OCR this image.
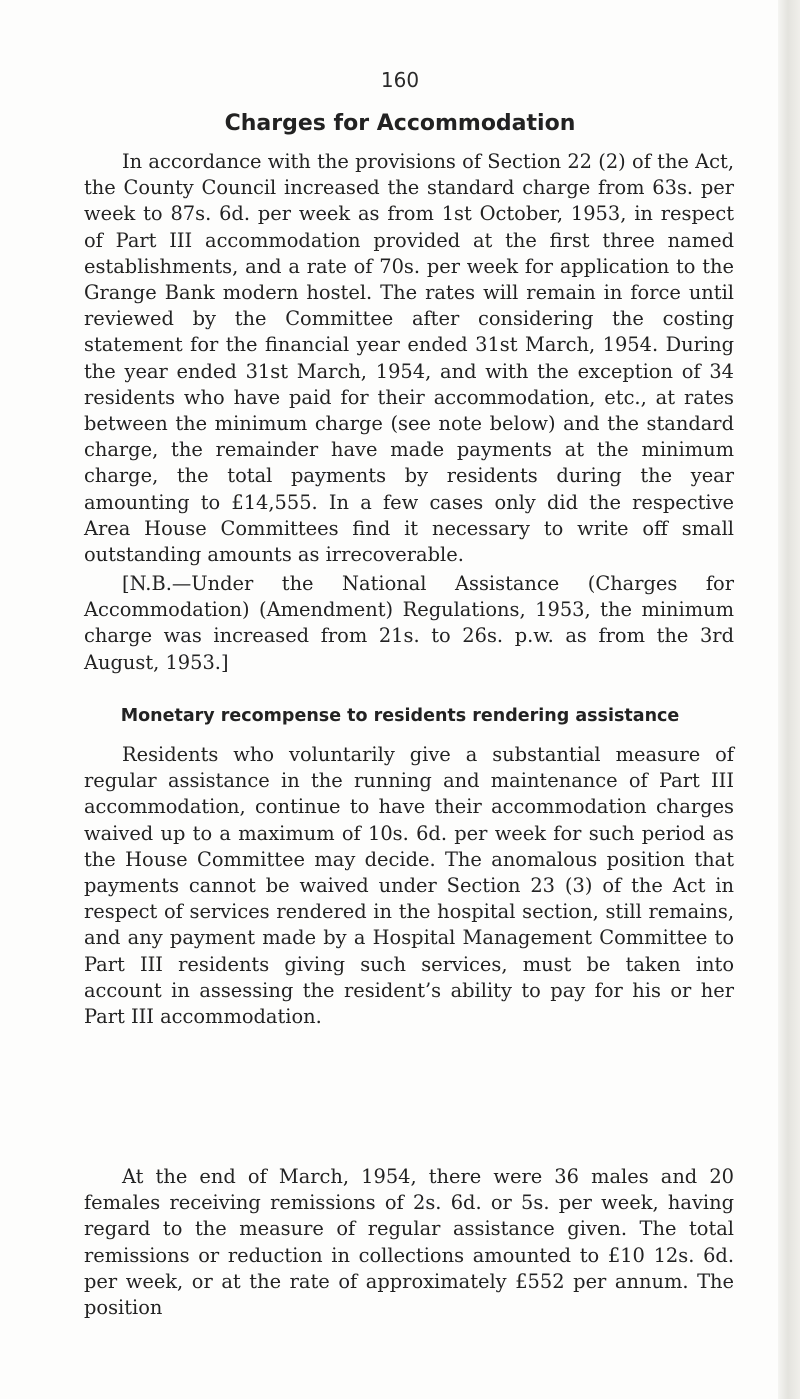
160
Charges for Accommodation

In accordance with the provisions of Section 22 (2) of the Act, the County Council increased the standard charge from 63s. per week to 87s. 6d. per week as from 1st October, 1953, in respect of Part III accommodation provided at the first three named establishments, and a rate of 70s. per week for application to the Grange Bank modern hostel. The rates will remain in force until reviewed by the Committee after considering the costing statement for the financial year ended 31st March, 1954. During the year ended 31st March, 1954, and with the exception of 34 residents who have paid for their accommodation, etc., at rates between the minimum charge (see note below) and the standard charge, the remainder have made payments at the minimum charge, the total payments by residents during the year amounting to £14,555. In a few cases only did the respective Area House Committees find it necessary to write off small outstanding amounts as irrecoverable.

[N.B.—Under the National Assistance (Charges for Accommodation) (Amendment) Regulations, 1953, the minimum charge was increased from 21s. to 26s. p.w. as from the 3rd August, 1953.]

Monetary recompense to residents rendering assistance

Residents who voluntarily give a substantial measure of regular assistance in the running and maintenance of Part III accommodation, continue to have their accommodation charges waived up to a maximum of 10s. 6d. per week for such period as the House Committee may decide. The anomalous position that payments cannot be waived under Section 23 (3) of the Act in respect of services rendered in the hospital section, still remains, and any payment made by a Hospital Management Committee to Part III residents giving such services, must be taken into account in assessing the resident’s ability to pay for his or her Part III accommodation.

At the end of March, 1954, there were 36 males and 20 females receiving remissions of 2s. 6d. or 5s. per week, having regard to the measure of regular assistance given. The total remissions or reduction in collections amounted to £10 12s. 6d. per week, or at the rate of approximately £552 per annum. The position
